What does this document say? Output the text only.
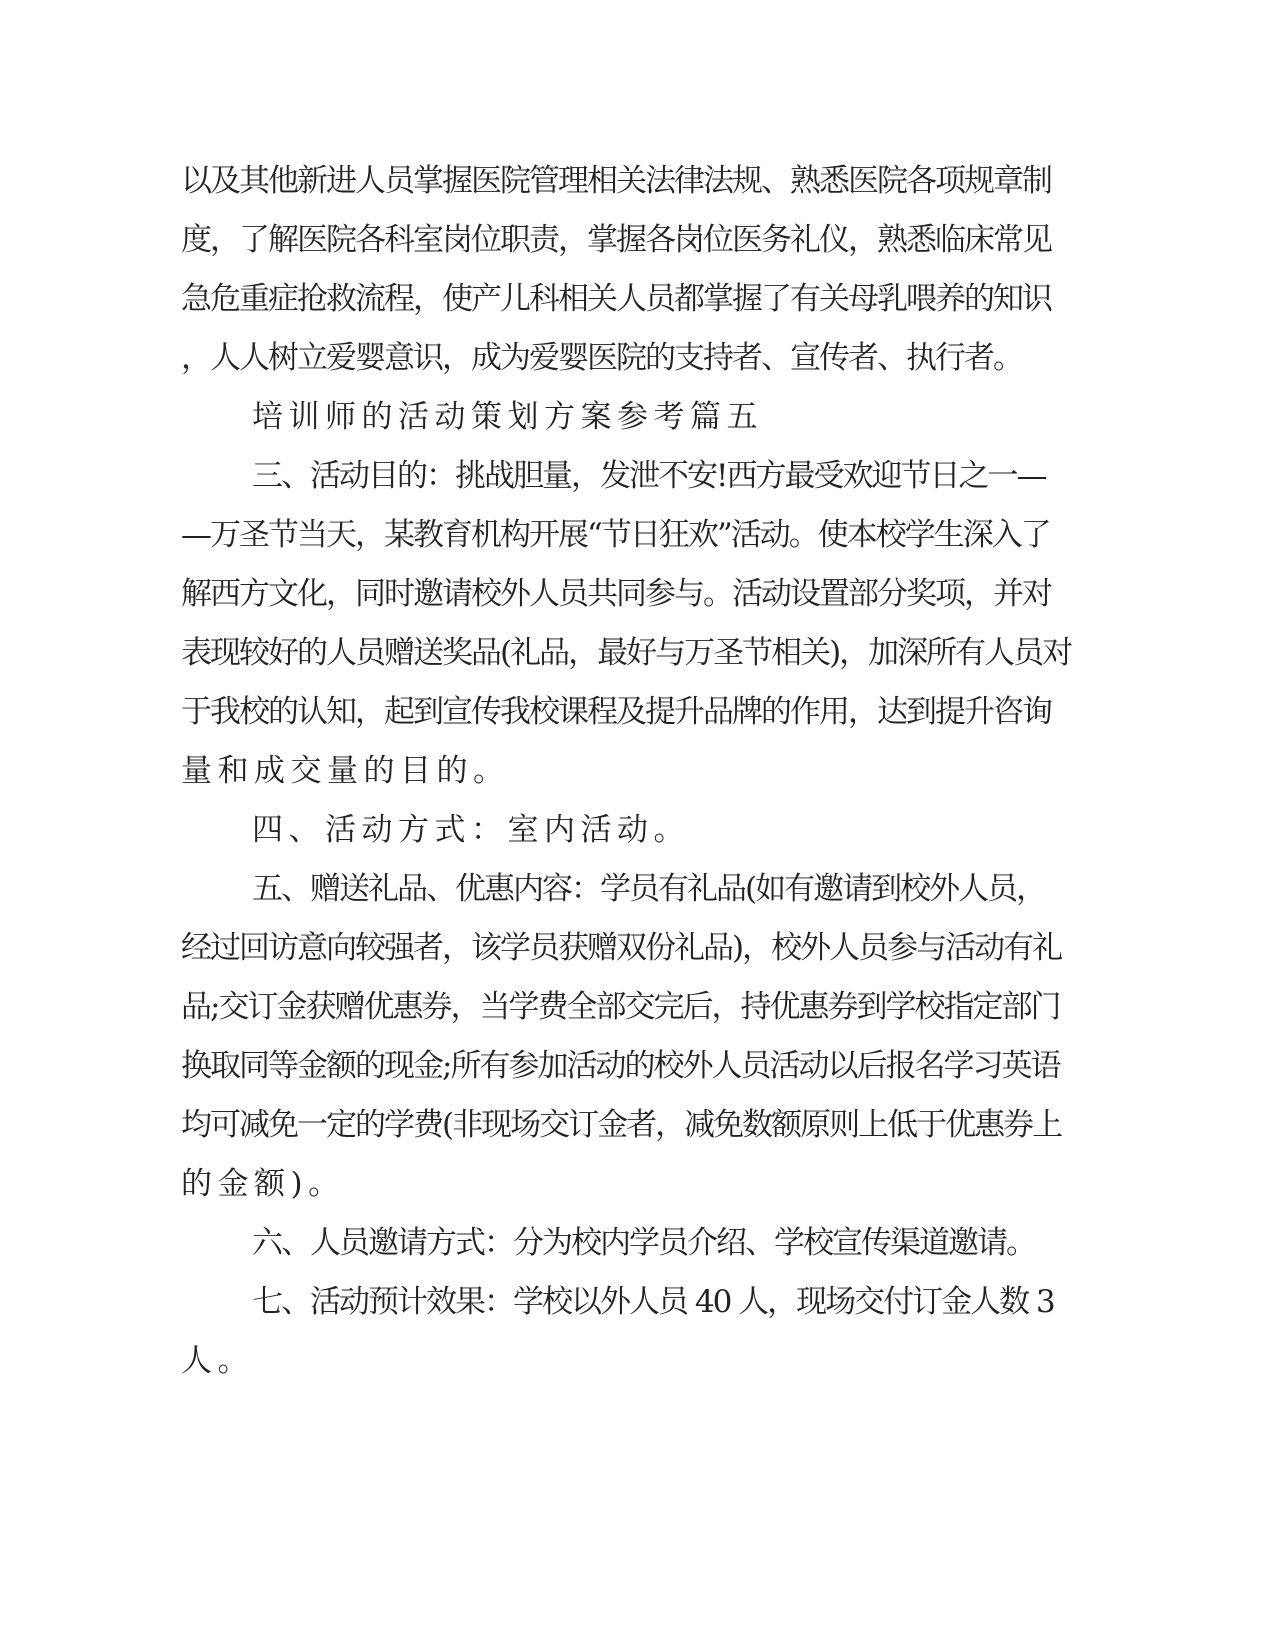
以及其他新进人员掌握医院管理相关法律法规、熟悉医院各项规章制
度，了解医院各科室岗位职责，掌握各岗位医务礼仪，熟悉临床常见
急危重症抢救流程，使产儿科相关人员都掌握了有关母乳喂养的知识
，人人树立爱婴意识，成为爱婴医院的支持者、宣传者、执行者。
培训师的活动策划方案参考篇五
三、活动目的：挑战胆量，发泄不安!西方最受欢迎节日之一—
—万圣节当天，某教育机构开展“节日狂欢”活动。使本校学生深入了
解西方文化，同时邀请校外人员共同参与。活动设置部分奖项，并对
表现较好的人员赠送奖品(礼品，最好与万圣节相关)，加深所有人员对
于我校的认知，起到宣传我校课程及提升品牌的作用，达到提升咨询
量和成交量的目的。
四、活动方式：室内活动。
五、赠送礼品、优惠内容：学员有礼品(如有邀请到校外人员，
经过回访意向较强者，该学员获赠双份礼品)，校外人员参与活动有礼
品;交订金获赠优惠券，当学费全部交完后，持优惠券到学校指定部门
换取同等金额的现金;所有参加活动的校外人员活动以后报名学习英语
均可减免一定的学费(非现场交订金者，减免数额原则上低于优惠券上
的金额)。
六、人员邀请方式：分为校内学员介绍、学校宣传渠道邀请。
七、活动预计效果：学校以外人员 40 人，现场交付订金人数 3
人。
